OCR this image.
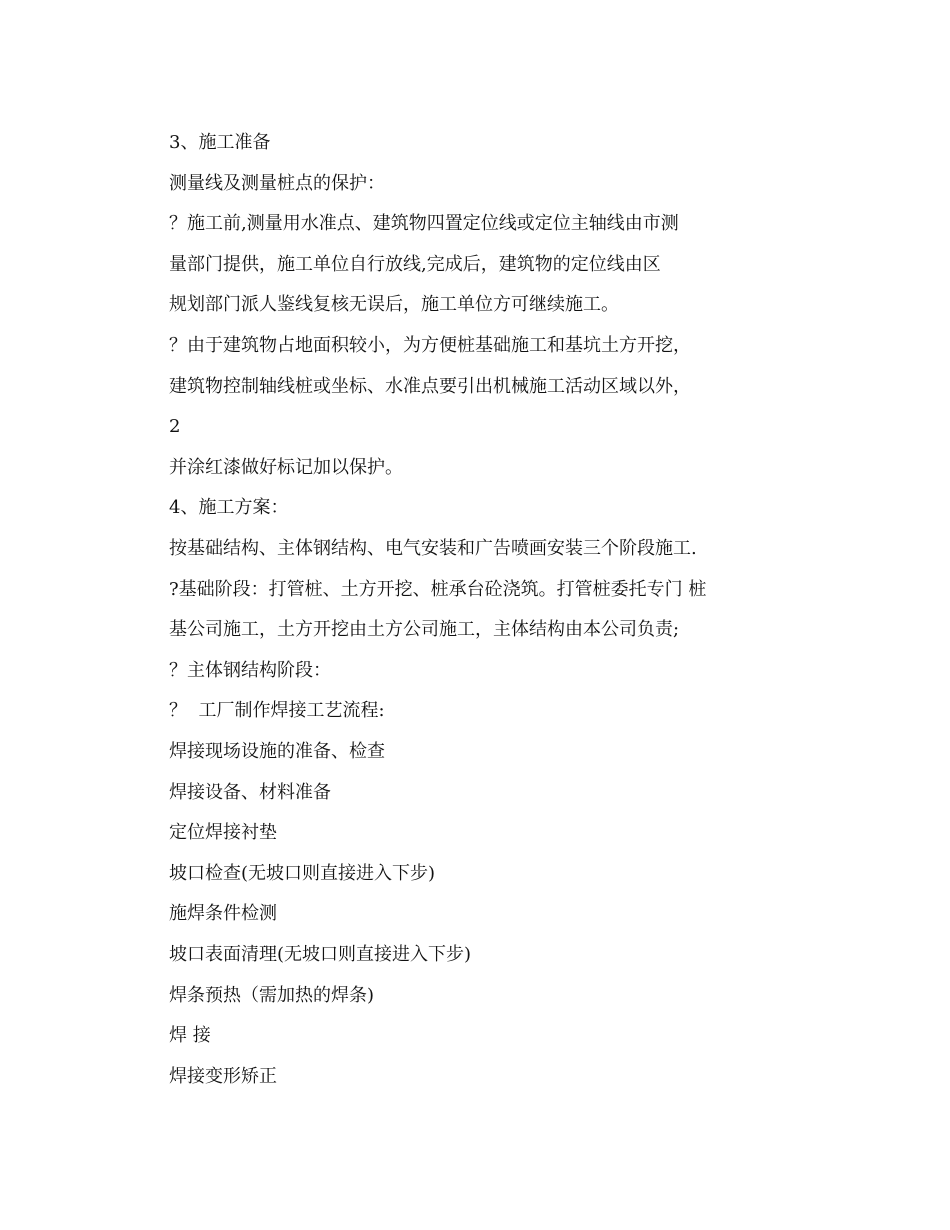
3、施工准备
测量线及测量桩点的保护：
？施工前,测量用水准点、建筑物四置定位线或定位主轴线由市测
量部门提供，施工单位自行放线,完成后，建筑物的定位线由区
规划部门派人鉴线复核无误后，施工单位方可继续施工。
？由于建筑物占地面积较小，为方便桩基础施工和基坑土方开挖，
建筑物控制轴线桩或坐标、水准点要引出机械施工活动区域以外，
2
并涂红漆做好标记加以保护。
4、施工方案：
按基础结构、主体钢结构、电气安装和广告喷画安装三个阶段施工.
?基础阶段：打管桩、土方开挖、桩承台砼浇筑。打管桩委托专门 桩
基公司施工，土方开挖由土方公司施工，主体结构由本公司负责;
？主体钢结构阶段：
？  工厂制作焊接工艺流程:
焊接现场设施的准备、检查
焊接设备、材料准备
定位焊接衬垫
坡口检查(无坡口则直接进入下步)
施焊条件检测
坡口表面清理(无坡口则直接进入下步)
焊条预热（需加热的焊条)
焊 接
焊接变形矫正
